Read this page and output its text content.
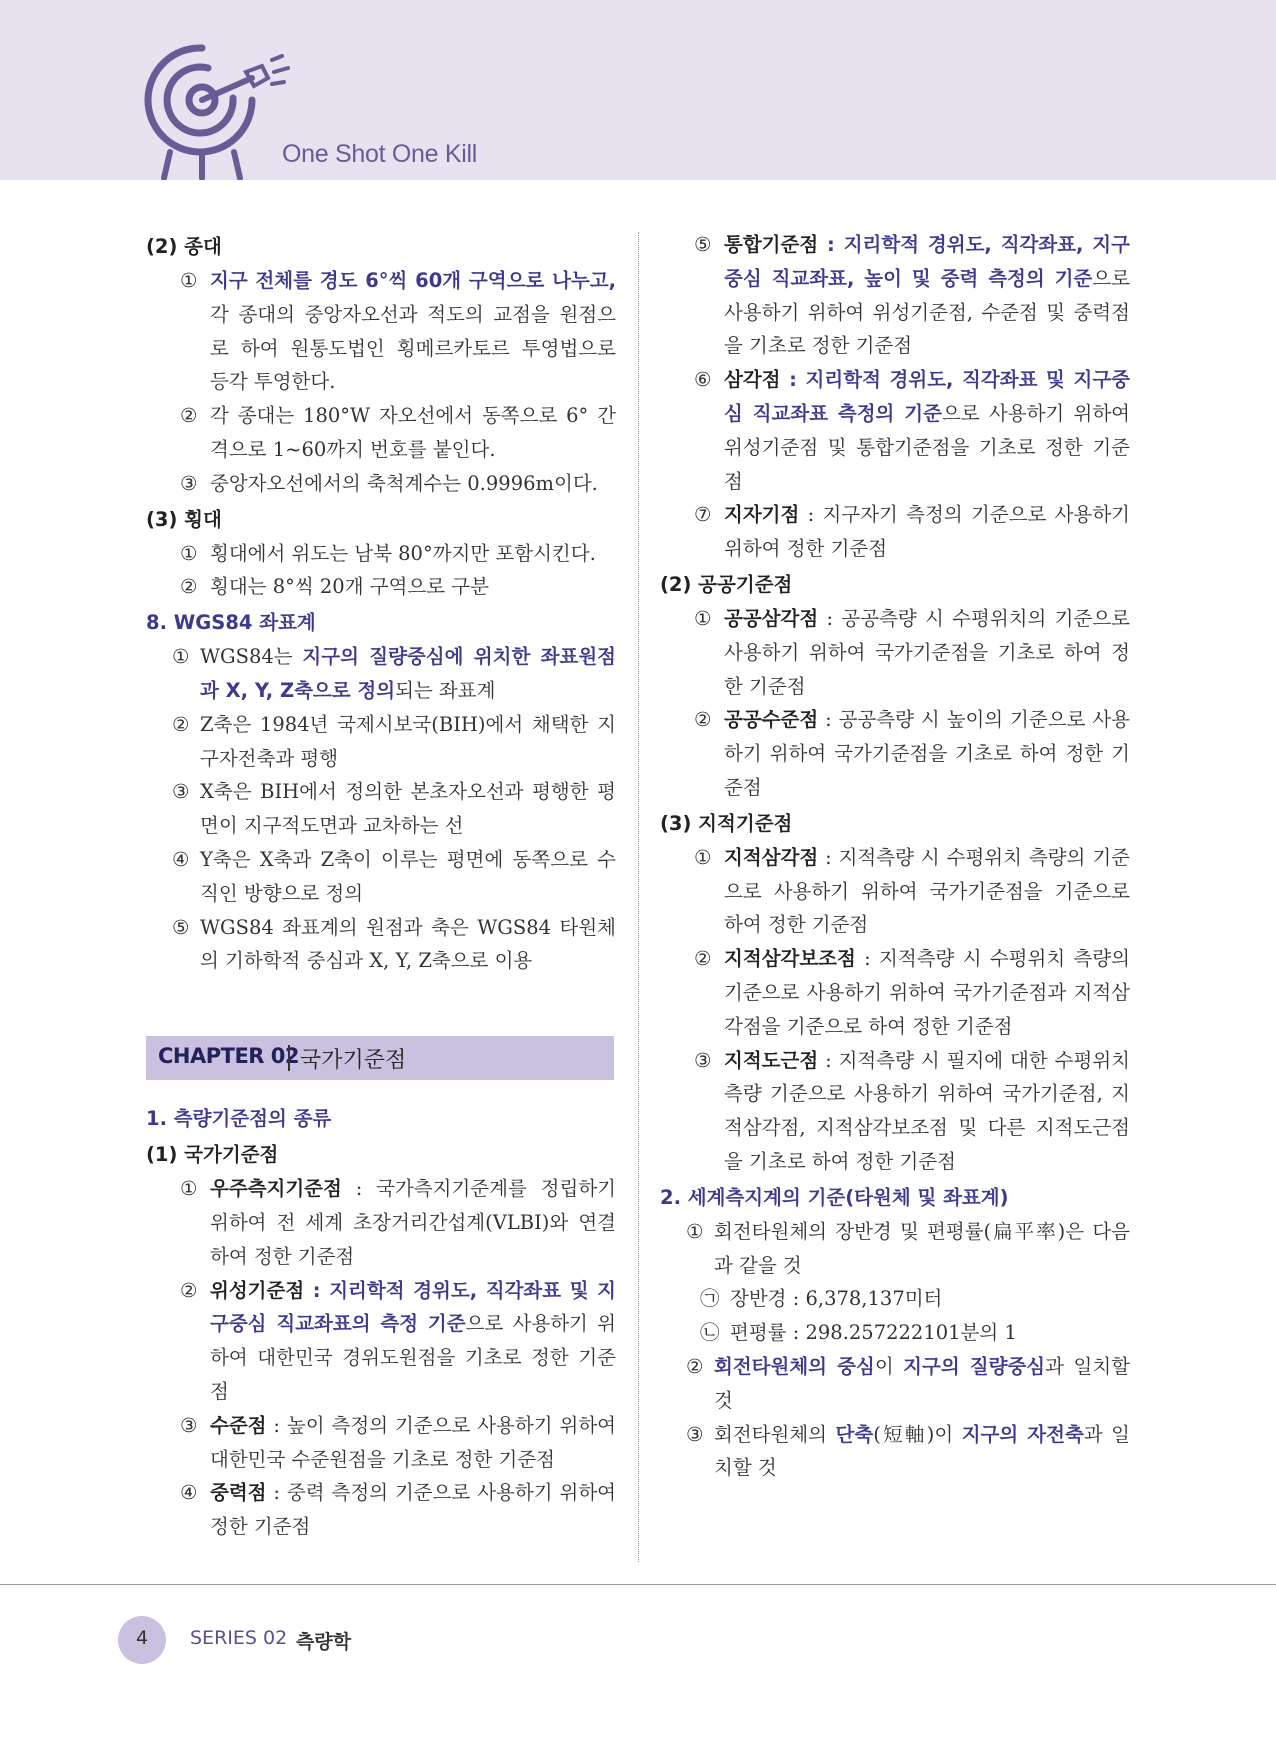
One Shot One Kill
(2) 종대
① 지구 전체를 경도 6°씩 60개 구역으로 나누고, 각 종대의 중앙자오선과 적도의 교점을 원점으로 하여 원통도법인 횡메르카토르 투영법으로 등각 투영한다.
② 각 종대는 180°W 자오선에서 동쪽으로 6° 간격으로 1~60까지 번호를 붙인다.
③ 중앙자오선에서의 축척계수는 0.9996m이다.
(3) 횡대
① 횡대에서 위도는 남북 80°까지만 포함시킨다.
② 횡대는 8°씩 20개 구역으로 구분
8. WGS84 좌표계
① WGS84는 지구의 질량중심에 위치한 좌표원점과 X, Y, Z축으로 정의되는 좌표계
② Z축은 1984년 국제시보국(BIH)에서 채택한 지구자전축과 평행
③ X축은 BIH에서 정의한 본초자오선과 평행한 평면이 지구적도면과 교차하는 선
④ Y축은 X축과 Z축이 이루는 평면에 동쪽으로 수직인 방향으로 정의
⑤ WGS84 좌표계의 원점과 축은 WGS84 타원체의 기하학적 중심과 X, Y, Z축으로 이용
CHAPTER 02 국가기준점
1. 측량기준점의 종류
(1) 국가기준점
① 우주측지기준점 : 국가측지기준계를 정립하기 위하여 전 세계 초장거리간섭계(VLBI)와 연결하여 정한 기준점
② 위성기준점 : 지리학적 경위도, 직각좌표 및 지구중심 직교좌표의 측정 기준으로 사용하기 위하여 대한민국 경위도원점을 기초로 정한 기준점
③ 수준점 : 높이 측정의 기준으로 사용하기 위하여 대한민국 수준원점을 기초로 정한 기준점
④ 중력점 : 중력 측정의 기준으로 사용하기 위하여 정한 기준점
⑤ 통합기준점 : 지리학적 경위도, 직각좌표, 지구중심 직교좌표, 높이 및 중력 측정의 기준으로 사용하기 위하여 위성기준점, 수준점 및 중력점을 기초로 정한 기준점
⑥ 삼각점 : 지리학적 경위도, 직각좌표 및 지구중심 직교좌표 측정의 기준으로 사용하기 위하여 위성기준점 및 통합기준점을 기초로 정한 기준점
⑦ 지자기점 : 지구자기 측정의 기준으로 사용하기 위하여 정한 기준점
(2) 공공기준점
① 공공삼각점 : 공공측량 시 수평위치의 기준으로 사용하기 위하여 국가기준점을 기초로 하여 정한 기준점
② 공공수준점 : 공공측량 시 높이의 기준으로 사용하기 위하여 국가기준점을 기초로 하여 정한 기준점
(3) 지적기준점
① 지적삼각점 : 지적측량 시 수평위치 측량의 기준으로 사용하기 위하여 국가기준점을 기준으로 하여 정한 기준점
② 지적삼각보조점 : 지적측량 시 수평위치 측량의 기준으로 사용하기 위하여 국가기준점과 지적삼각점을 기준으로 하여 정한 기준점
③ 지적도근점 : 지적측량 시 필지에 대한 수평위치 측량 기준으로 사용하기 위하여 국가기준점, 지적삼각점, 지적삼각보조점 및 다른 지적도근점을 기초로 하여 정한 기준점
2. 세계측지계의 기준(타원체 및 좌표계)
① 회전타원체의 장반경 및 편평률(扁平率)은 다음과 같을 것
㉠ 장반경 : 6,378,137미터
㉡ 편평률 : 298.257222101분의 1
② 회전타원체의 중심이 지구의 질량중심과 일치할 것
③ 회전타원체의 단축(短軸)이 지구의 자전축과 일치할 것
4	SERIES 02 측량학
